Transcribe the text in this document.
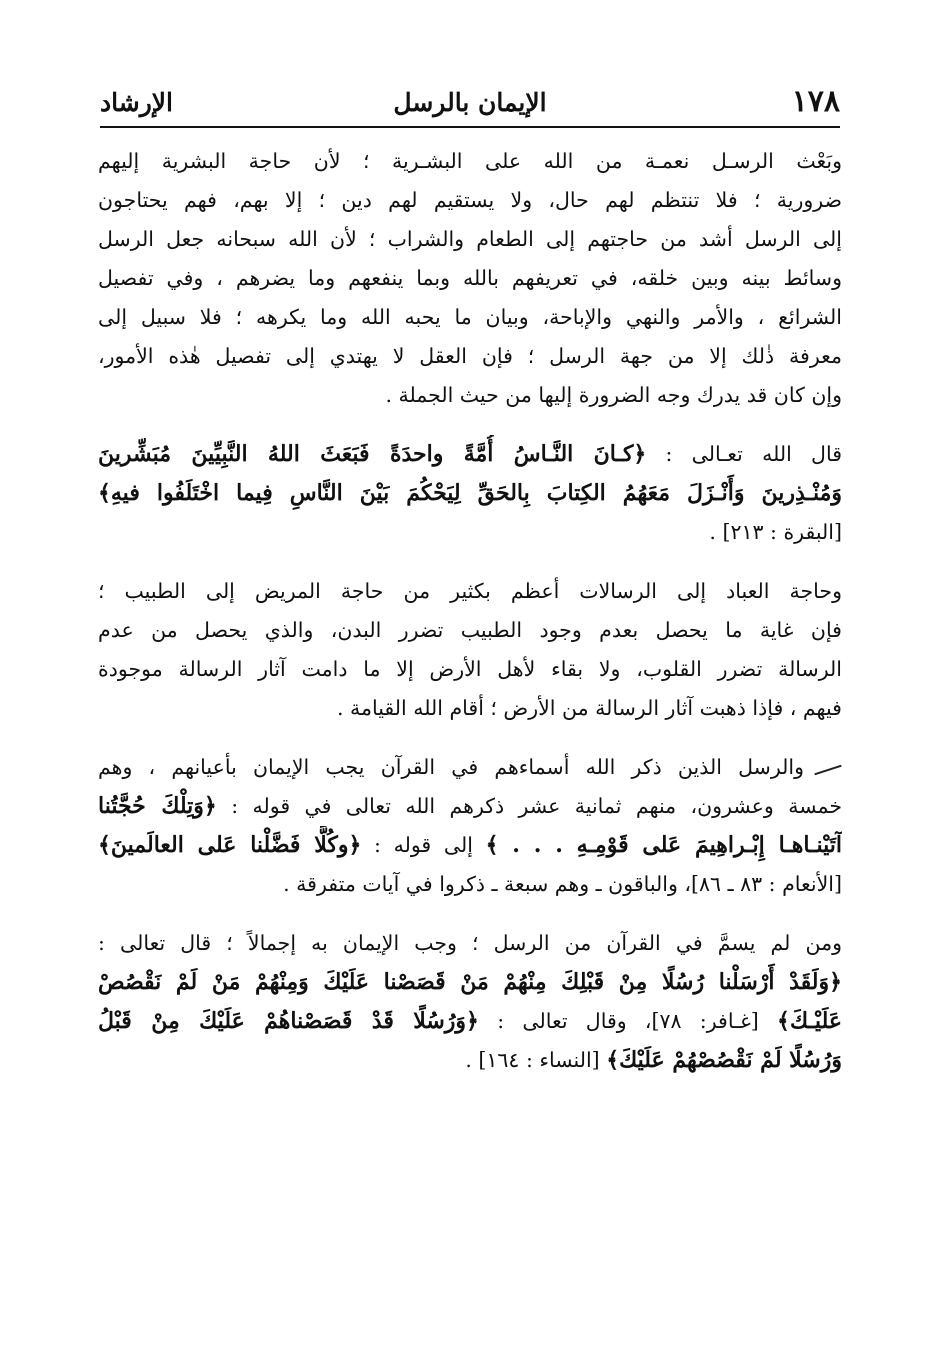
١٧٨
الإيمان بالرسل
الإرشاد

وبَعْث الرسـل نعمـة من الله على البشـرية ؛ لأن حاجة البشرية إليهم
ضرورية ؛ فلا تنتظم لهم حال، ولا يستقيم لهم دين ؛ إلا بهم، فهم يحتاجون
إلى الرسل أشد من حاجتهم إلى الطعام والشراب ؛ لأن الله سبحانه جعل الرسل
وسائط بينه وبين خلقه، في تعريفهم بالله وبما ينفعهم وما يضرهم ، وفي تفصيل
الشرائع ، والأمر والنهي والإباحة، وبيان ما يحبه الله وما يكرهه ؛ فلا سبيل إلى
معرفة ذٰلك إلا من جهة الرسل ؛ فإن العقل لا يهتدي إلى تفصيل هٰذه الأمور،
وإن كان قد يدرك وجه الضرورة إليها من حيث الجملة .

قال الله تعـالى : ﴿كـانَ النَّـاسُ أُمَّةً واحدَةً فَبَعَثَ اللهُ النَّبِيِّينَ مُبَشِّرينَ
وَمُنْـذِرينَ وَأَنْـزَلَ مَعَهُمُ الكِتابَ بِالحَقِّ لِيَحْكُمَ بَيْنَ النَّاسِ فِيما اخْتَلَفُوا فيهِ﴾
[البقرة : ٢١٣] .

وحاجة العباد إلى الرسالات أعظم بكثير من حاجة المريض إلى الطبيب ؛
فإن غاية ما يحصل بعدم وجود الطبيب تضرر البدن، والذي يحصل من عدم
الرسالة تضرر القلوب، ولا بقاء لأهل الأرض إلا ما دامت آثار الرسالة موجودة
فيهم ، فإذا ذهبت آثار الرسالة من الأرض ؛ أقام الله القيامة .

والرسل الذين ذكر الله أسماءهم في القرآن يجب الإيمان بأعيانهم ، وهم
خمسة وعشرون، منهم ثمانية عشر ذكرهم الله تعالى في قوله : ﴿وَتِلْكَ حُجَّتُنا
آتَيْنـاهـا إِبْـراهِيمَ عَلى قَوْمِـهِ . . . ﴾ إلى قوله : ﴿وكُلًّا فَضَّلْنا عَلى العالَمينَ﴾
[الأنعام : ٨٣ ـ ٨٦]، والباقون ـ وهم سبعة ـ ذكروا في آيات متفرقة .

ومن لم يسمَّ في القرآن من الرسل ؛ وجب الإيمان به إجمالاً ؛ قال تعالى :
﴿وَلَقَدْ أَرْسَلْنا رُسُلًا مِنْ قَبْلِكَ مِنْهُمْ مَنْ قَصَصْنا عَلَيْكَ وَمِنْهُمْ مَنْ لَمْ نَقْصُصْ
عَلَيْـكَ﴾ [غـافر: ٧٨]، وقال تعالى : ﴿وَرُسُلًا قَدْ قَصَصْناهُمْ عَلَيْكَ مِنْ قَبْلُ
وَرُسُلًا لَمْ نَقْصُصْهُمْ عَلَيْكَ﴾ [النساء : ١٦٤] .
